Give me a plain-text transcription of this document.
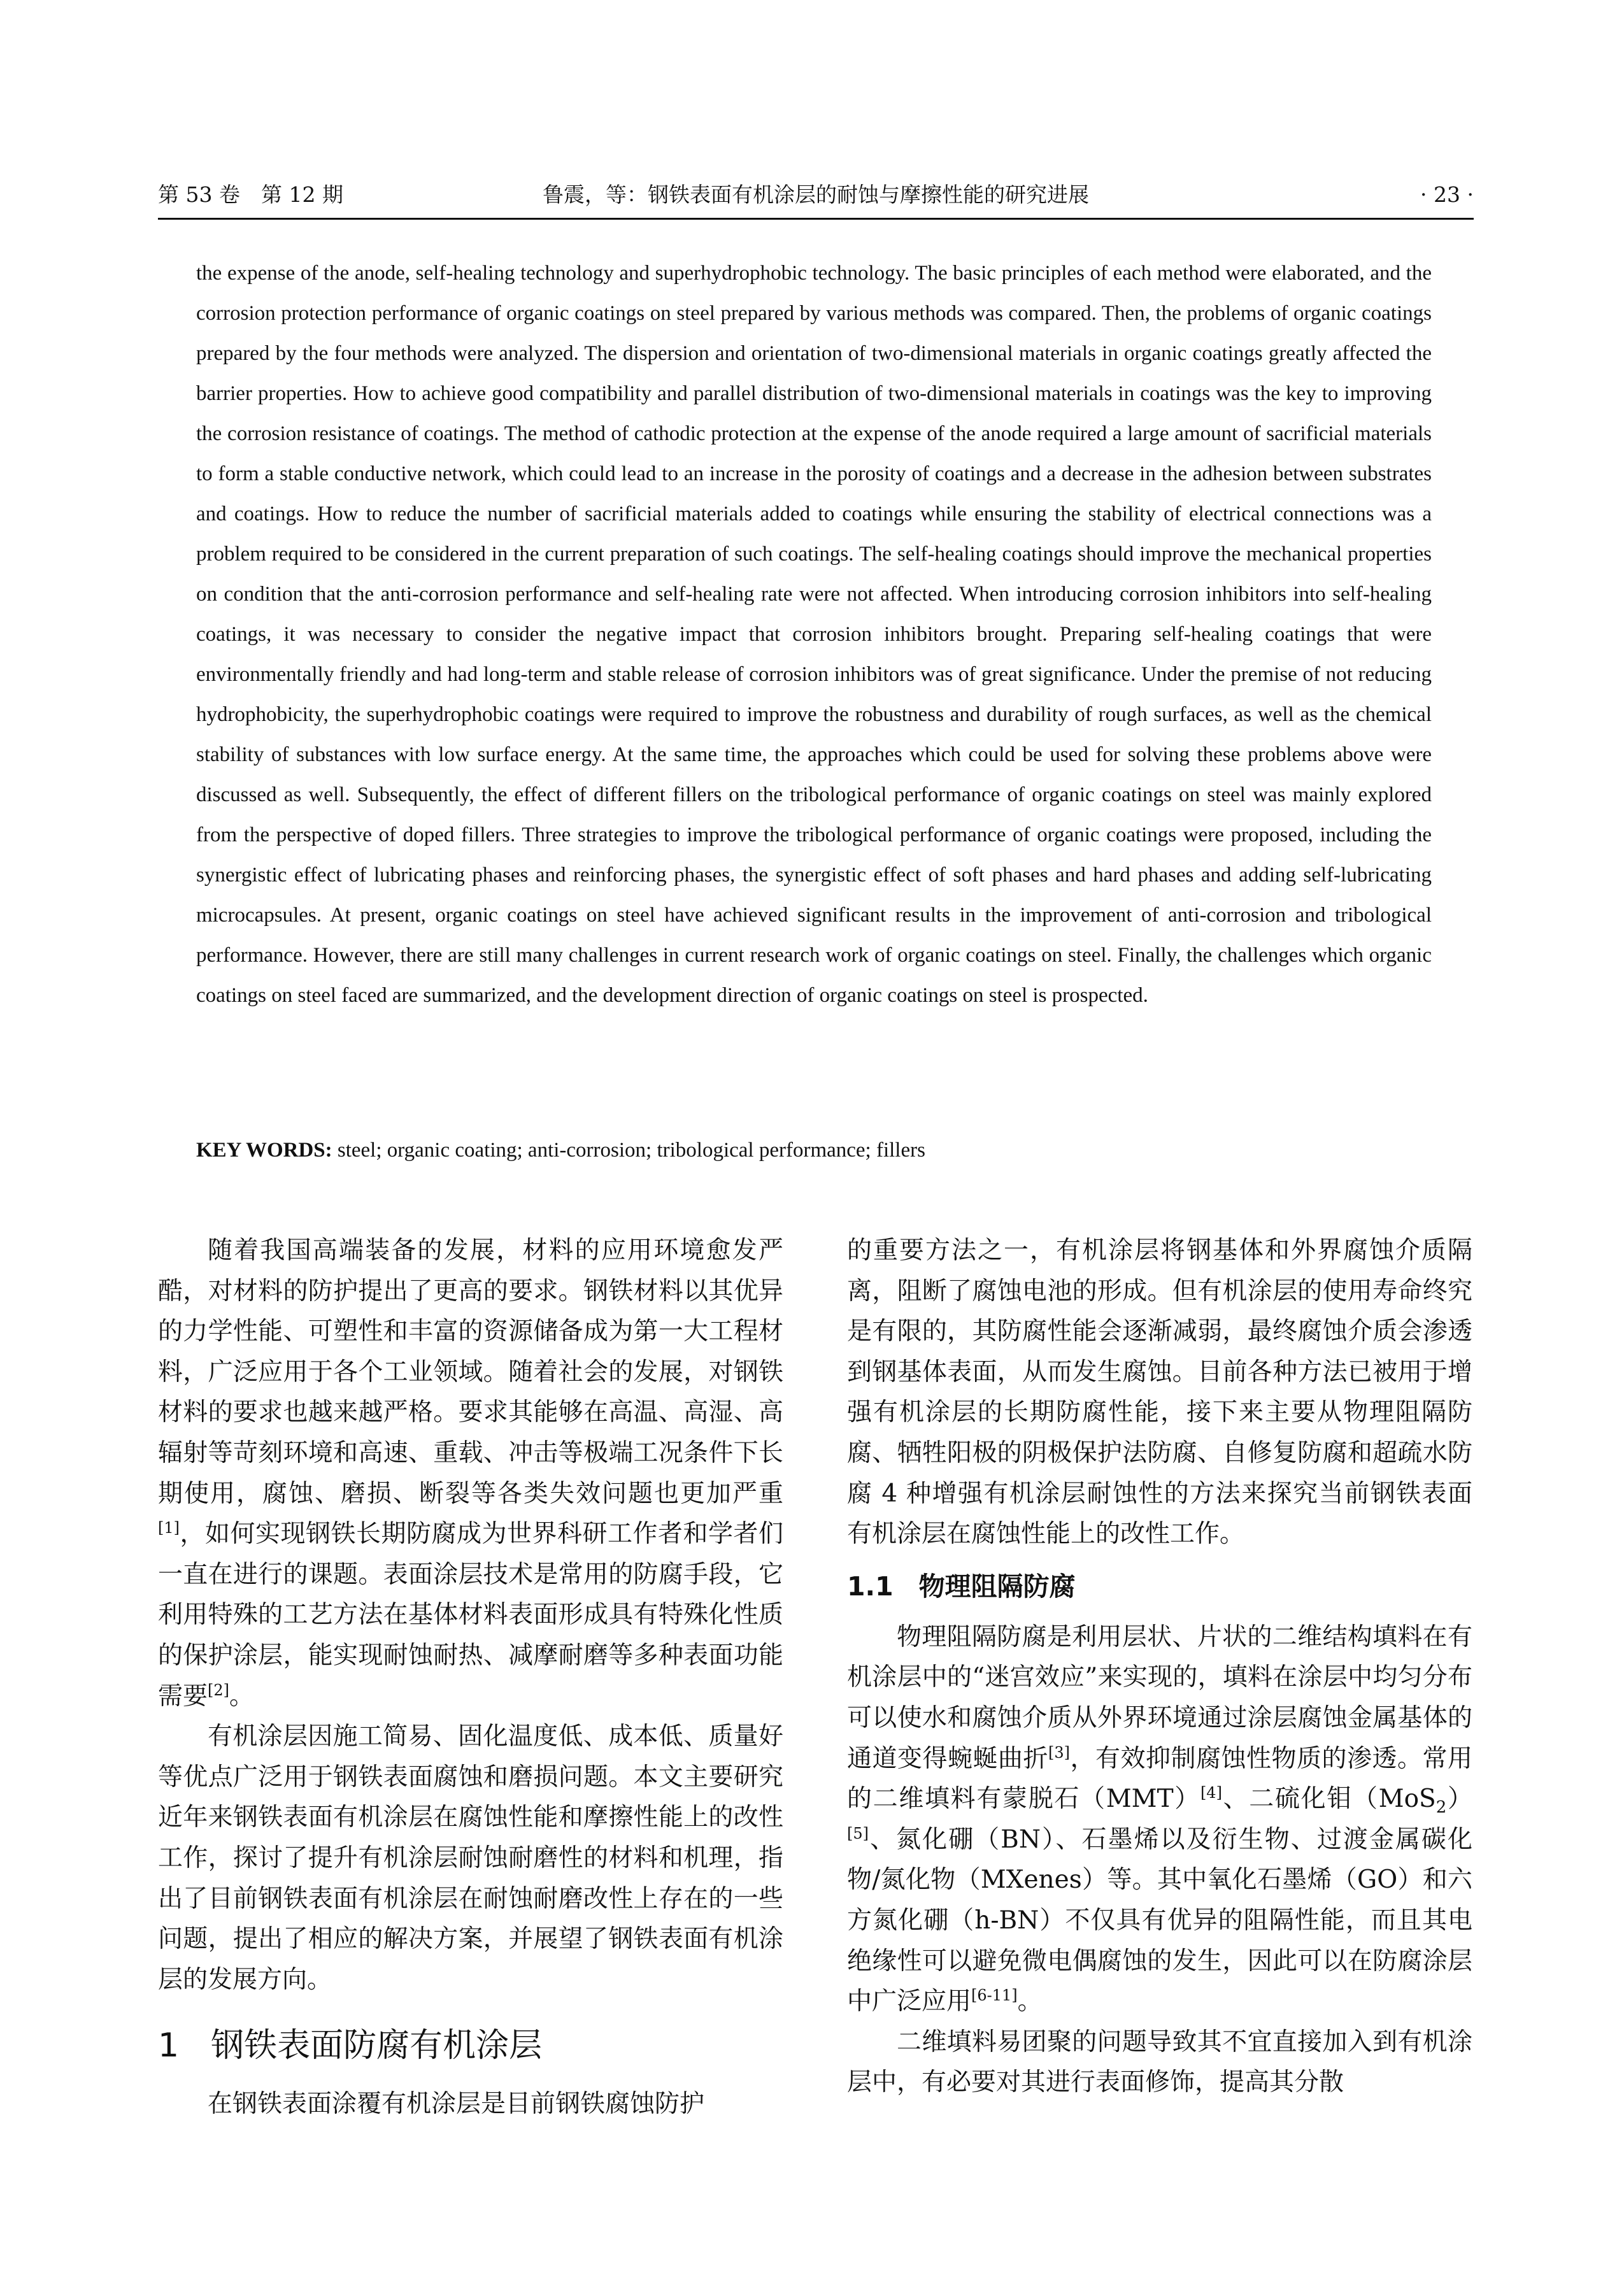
第 53 卷　第 12 期	鲁震，等：钢铁表面有机涂层的耐蚀与摩擦性能的研究进展	· 23 ·

the expense of the anode, self-healing technology and superhydrophobic technology. The basic principles of each method were elaborated, and the corrosion protection performance of organic coatings on steel prepared by various methods was compared. Then, the problems of organic coatings prepared by the four methods were analyzed. The dispersion and orientation of two-dimensional materials in organic coatings greatly affected the barrier properties. How to achieve good compatibility and parallel distribution of two-dimensional materials in coatings was the key to improving the corrosion resistance of coatings. The method of cathodic protection at the expense of the anode required a large amount of sacrificial materials to form a stable conductive network, which could lead to an increase in the porosity of coatings and a decrease in the adhesion between substrates and coatings. How to reduce the number of sacrificial materials added to coatings while ensuring the stability of electrical connections was a problem required to be considered in the current preparation of such coatings. The self-healing coatings should improve the mechanical properties on condition that the anti-corrosion performance and self-healing rate were not affected. When introducing corrosion inhibitors into self-healing coatings, it was necessary to consider the negative impact that corrosion inhibitors brought. Preparing self-healing coatings that were environmentally friendly and had long-term and stable release of corrosion inhibitors was of great significance. Under the premise of not reducing hydrophobicity, the superhydrophobic coatings were required to improve the robustness and durability of rough surfaces, as well as the chemical stability of substances with low surface energy. At the same time, the approaches which could be used for solving these problems above were discussed as well. Subsequently, the effect of different fillers on the tribological performance of organic coatings on steel was mainly explored from the perspective of doped fillers. Three strategies to improve the tribological performance of organic coatings were proposed, including the synergistic effect of lubricating phases and reinforcing phases, the synergistic effect of soft phases and hard phases and adding self-lubricating microcapsules. At present, organic coatings on steel have achieved significant results in the improvement of anti-corrosion and tribological performance. However, there are still many challenges in current research work of organic coatings on steel. Finally, the challenges which organic coatings on steel faced are summarized, and the development direction of organic coatings on steel is prospected.

KEY WORDS: steel; organic coating; anti-corrosion; tribological performance; fillers

随着我国高端装备的发展，材料的应用环境愈发严酷，对材料的防护提出了更高的要求。钢铁材料以其优异的力学性能、可塑性和丰富的资源储备成为第一大工程材料，广泛应用于各个工业领域。随着社会的发展，对钢铁材料的要求也越来越严格。要求其能够在高温、高湿、高辐射等苛刻环境和高速、重载、冲击等极端工况条件下长期使用，腐蚀、磨损、断裂等各类失效问题也更加严重[1]，如何实现钢铁长期防腐成为世界科研工作者和学者们一直在进行的课题。表面涂层技术是常用的防腐手段，它利用特殊的工艺方法在基体材料表面形成具有特殊化性质的保护涂层，能实现耐蚀耐热、减摩耐磨等多种表面功能需要[2]。

有机涂层因施工简易、固化温度低、成本低、质量好等优点广泛用于钢铁表面腐蚀和磨损问题。本文主要研究近年来钢铁表面有机涂层在腐蚀性能和摩擦性能上的改性工作，探讨了提升有机涂层耐蚀耐磨性的材料和机理，指出了目前钢铁表面有机涂层在耐蚀耐磨改性上存在的一些问题，提出了相应的解决方案，并展望了钢铁表面有机涂层的发展方向。

1 钢铁表面防腐有机涂层

在钢铁表面涂覆有机涂层是目前钢铁腐蚀防护

的重要方法之一，有机涂层将钢基体和外界腐蚀介质隔离，阻断了腐蚀电池的形成。但有机涂层的使用寿命终究是有限的，其防腐性能会逐渐减弱，最终腐蚀介质会渗透到钢基体表面，从而发生腐蚀。目前各种方法已被用于增强有机涂层的长期防腐性能，接下来主要从物理阻隔防腐、牺牲阳极的阴极保护法防腐、自修复防腐和超疏水防腐 4 种增强有机涂层耐蚀性的方法来探究当前钢铁表面有机涂层在腐蚀性能上的改性工作。

1.1 物理阻隔防腐

物理阻隔防腐是利用层状、片状的二维结构填料在有机涂层中的“迷宫效应”来实现的，填料在涂层中均匀分布可以使水和腐蚀介质从外界环境通过涂层腐蚀金属基体的通道变得蜿蜒曲折[3]，有效抑制腐蚀性物质的渗透。常用的二维填料有蒙脱石（MMT）[4]、二硫化钼（MoS$_2$）[5]、氮化硼（BN）、石墨烯以及衍生物、过渡金属碳化物/氮化物（MXenes）等。其中氧化石墨烯（GO）和六方氮化硼（h-BN）不仅具有优异的阻隔性能，而且其电绝缘性可以避免微电偶腐蚀的发生，因此可以在防腐涂层中广泛应用[6-11]。

二维填料易团聚的问题导致其不宜直接加入到有机涂层中，有必要对其进行表面修饰，提高其分散
